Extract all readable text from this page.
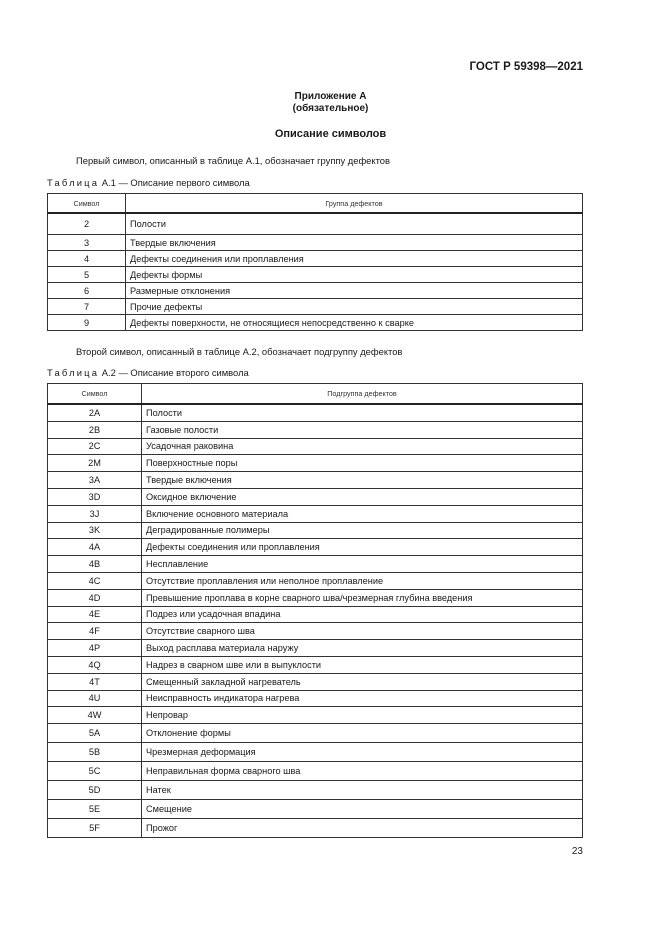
ГОСТ Р 59398—2021
Приложение А
(обязательное)
Описание символов
Первый символ, описанный в таблице А.1, обозначает группу дефектов
Таблица А.1 — Описание первого символа
Символ	Группа дефектов
2	Полости
3	Твердые включения
4	Дефекты соединения или проплавления
5	Дефекты формы
6	Размерные отклонения
7	Прочие дефекты
9	Дефекты поверхности, не относящиеся непосредственно к сварке
Второй символ, описанный в таблице А.2, обозначает подгруппу дефектов
Таблица А.2 — Описание второго символа
Символ	Подгруппа дефектов
2A	Полости
2B	Газовые полости
2C	Усадочная раковина
2M	Поверхностные поры
3A	Твердые включения
3D	Оксидное включение
3J	Включение основного материала
3K	Деградированные полимеры
4A	Дефекты соединения или проплавления
4B	Несплавление
4C	Отсутствие проплавления или неполное проплавление
4D	Превышение проплава в корне сварного шва/чрезмерная глубина введения
4E	Подрез или усадочная впадина
4F	Отсутствие сварного шва
4P	Выход расплава материала наружу
4Q	Надрез в сварном шве или в выпуклости
4T	Смещенный закладной нагреватель
4U	Неисправность индикатора нагрева
4W	Непровар
5A	Отклонение формы
5B	Чрезмерная деформация
5C	Неправильная форма сварного шва
5D	Натек
5E	Смещение
5F	Прожог
23
